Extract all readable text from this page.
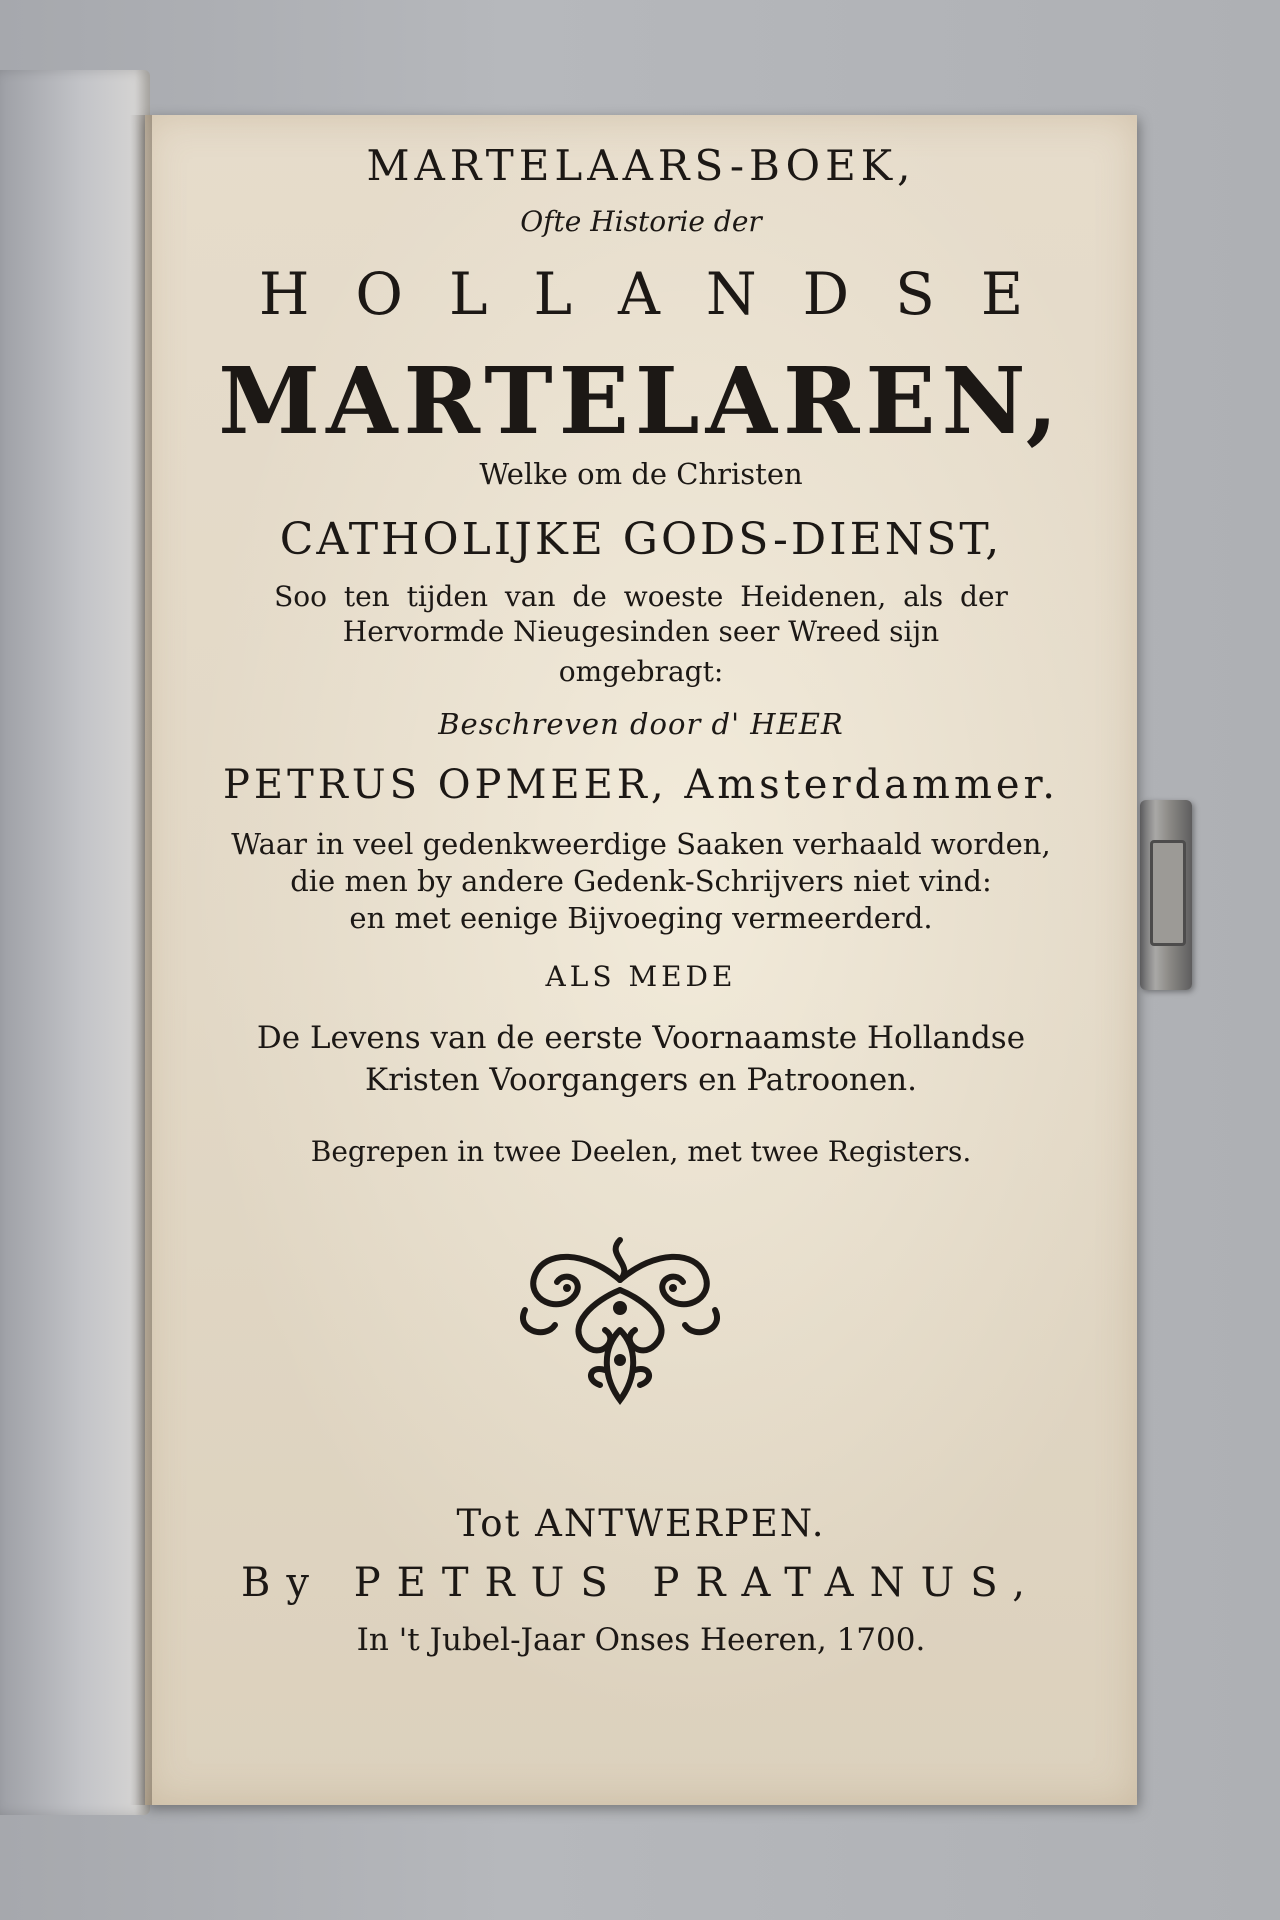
MARTELAARS-BOEK,
Ofte Historie der
HOLLANDSE
MARTELAREN,
Welke om de Christen
CATHOLIJKE GODS-DIENST,
Soo ten tijden van de woeste Heidenen, als der
Hervormde Nieugesinden seer Wreed sijn
omgebragt:
Beschreven door d' HEER
PETRUS OPMEER, Amsterdammer.
Waar in veel gedenkweerdige Saaken verhaald worden,
die men by andere Gedenk-Schrijvers niet vind:
en met eenige Bijvoeging vermeerderd.
ALS MEDE
De Levens van de eerste Voornaamste Hollandse
Kristen Voorgangers en Patroonen.
Begrepen in twee Deelen, met twee Registers.
Tot ANTWERPEN.
By PETRUS PRATANUS,
In 't Jubel-Jaar Onses Heeren, 1700.
